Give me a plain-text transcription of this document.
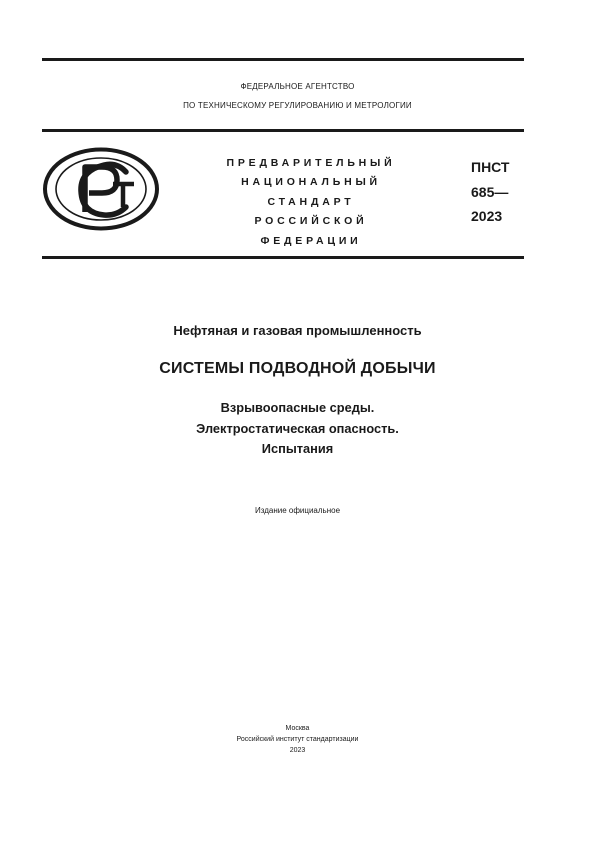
ФЕДЕРАЛЬНОЕ АГЕНТСТВО
ПО ТЕХНИЧЕСКОМУ РЕГУЛИРОВАНИЮ И МЕТРОЛОГИИ
ПРЕДВАРИТЕЛЬНЫЙ
НАЦИОНАЛЬНЫЙ
СТАНДАРТ
РОССИЙСКОЙ
ФЕДЕРАЦИИ
ПНСТ
685—
2023
Нефтяная и газовая промышленность
СИСТЕМЫ ПОДВОДНОЙ ДОБЫЧИ
Взрывоопасные среды.
Электростатическая опасность.
Испытания
Издание официальное
Москва
Российский институт стандартизации
2023
